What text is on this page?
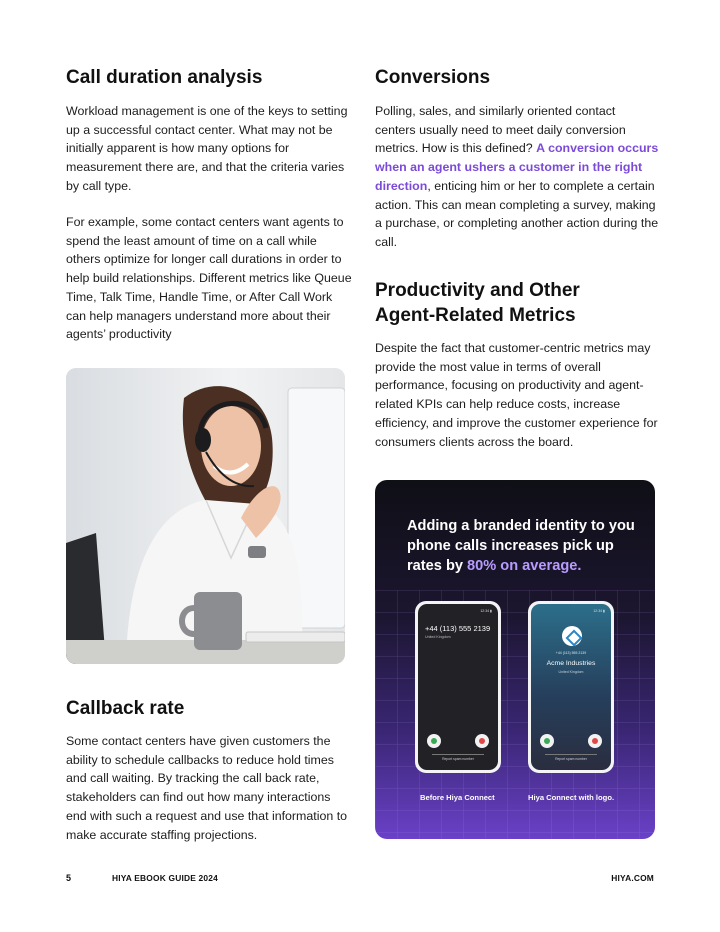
Call duration analysis

Workload management is one of the keys to setting up a successful contact center. What may not be initially apparent is how many options for measurement there are, and that the criteria varies by call type.

For example, some contact centers want agents to spend the least amount of time on a call while others optimize for longer call durations in order to help build relationships. Different metrics like Queue Time, Talk Time, Handle Time, or After Call Work can help managers understand more about their agents’ productivity

Callback rate

Some contact centers have given customers the ability to schedule callbacks to reduce hold times and call waiting. By tracking the call back rate, stakeholders can find out how many interactions end with such a request and use that information to make accurate staffing projections.

Conversions

Polling, sales, and similarly oriented contact centers usually need to meet daily conversion metrics. How is this defined? A conversion occurs when an agent ushers a customer in the right direction, enticing him or her to complete a certain action. This can mean completing a survey, making a purchase, or completing another action during the call.

Productivity and Other
Agent-Related Metrics

Despite the fact that customer-centric metrics may provide the most value in terms of overall performance, focusing on productivity and agent-related KPIs can help reduce costs, increase efficiency, and improve the customer experience for consumers clients across the board.

Adding a branded identity to you phone calls increases pick up rates by 80% on average.
12:34 ▮
+44 (113) 555 2139
United Kingdom
Report spam number
12:34 ▮
+44 (113) 555 2139
Acme Industries
United Kingdom
Report spam number
Before Hiya Connect	Hiya Connect with logo.
5	HIYA EBOOK GUIDE 2024	HIYA.COM
